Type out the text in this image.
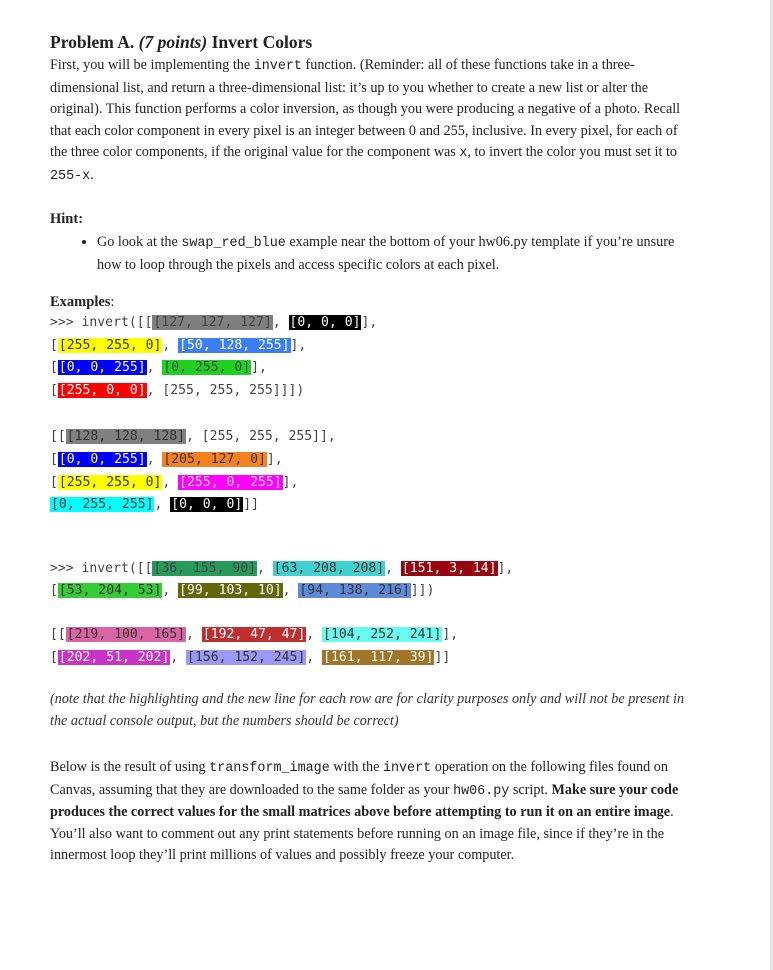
Problem A. (7 points) Invert Colors

First, you will be implementing the invert function. (Reminder: all of these functions take in a three-dimensional list, and return a three-dimensional list: it’s up to you whether to create a new list or alter the original). This function performs a color inversion, as though you were producing a negative of a photo. Recall that each color component in every pixel is an integer between 0 and 255, inclusive. In every pixel, for each of the three color components, if the original value for the component was x, to invert the color you must set it to 255-x.

Hint:

• Go look at the swap_red_blue example near the bottom of your hw06.py template if you’re unsure how to loop through the pixels and access specific colors at each pixel.

Examples:

>>> invert([[[127, 127, 127], [0, 0, 0]],
[[255, 255, 0], [50, 128, 255]],
[[0, 0, 255], [0, 255, 0]],
[[255, 0, 0], [255, 255, 255]]])
[[[128, 128, 128], [255, 255, 255]],
[[0, 0, 255], [205, 127, 0]],
[[255, 255, 0], [255, 0, 255]],
[0, 255, 255], [0, 0, 0]]]
>>> invert([[[36, 155, 90], [63, 208, 208], [151, 3, 14]],
[[53, 204, 53], [99, 103, 10], [94, 138, 216]]])
[[[219, 100, 165], [192, 47, 47], [104, 252, 241]],
[[202, 51, 202], [156, 152, 245], [161, 117, 39]]]

(note that the highlighting and the new line for each row are for clarity purposes only and will not be present in the actual console output, but the numbers should be correct)

Below is the result of using transform_image with the invert operation on the following files found on Canvas, assuming that they are downloaded to the same folder as your hw06.py script. Make sure your code produces the correct values for the small matrices above before attempting to run it on an entire image. You’ll also want to comment out any print statements before running on an image file, since if they’re in the innermost loop they’ll print millions of values and possibly freeze your computer.
